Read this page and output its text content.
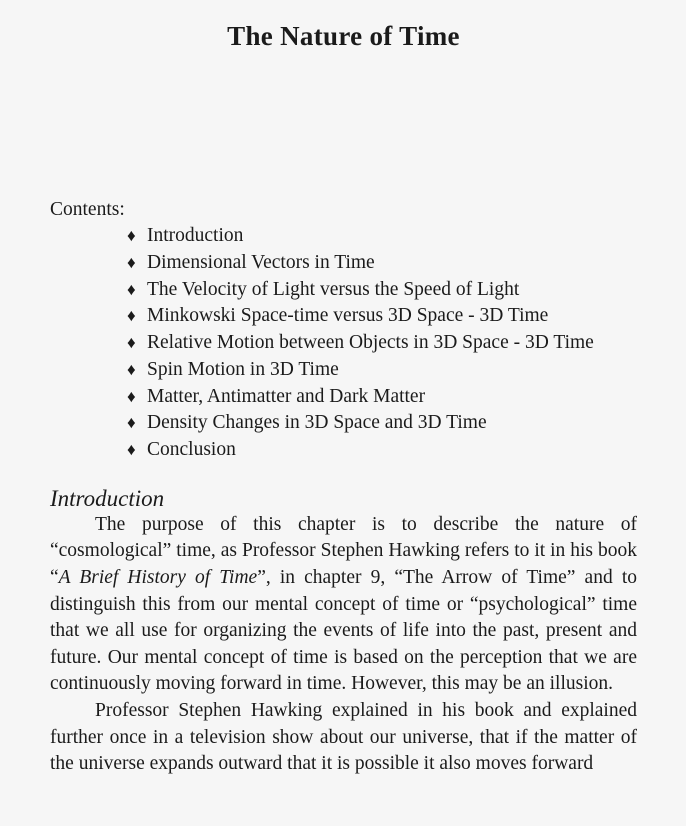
The Nature of Time
Contents:
♦ Introduction
♦ Dimensional Vectors in Time
♦ The Velocity of Light versus the Speed of Light
♦ Minkowski Space-time versus 3D Space - 3D Time
♦ Relative Motion between Objects in 3D Space - 3D Time
♦ Spin Motion in 3D Time
♦ Matter, Antimatter and Dark Matter
♦ Density Changes in 3D Space and 3D Time
♦ Conclusion
Introduction

The purpose of this chapter is to describe the nature of “cosmological” time, as Professor Stephen Hawking refers to it in his book “A Brief History of Time”, in chapter 9, “The Arrow of Time” and to distinguish this from our mental concept of time or “psychological” time that we all use for organizing the events of life into the past, present and future. Our mental concept of time is based on the perception that we are continuously moving forward in time. However, this may be an illusion.

Professor Stephen Hawking explained in his book and explained further once in a television show about our universe, that if the matter of the universe expands outward that it is possible it also moves forward
